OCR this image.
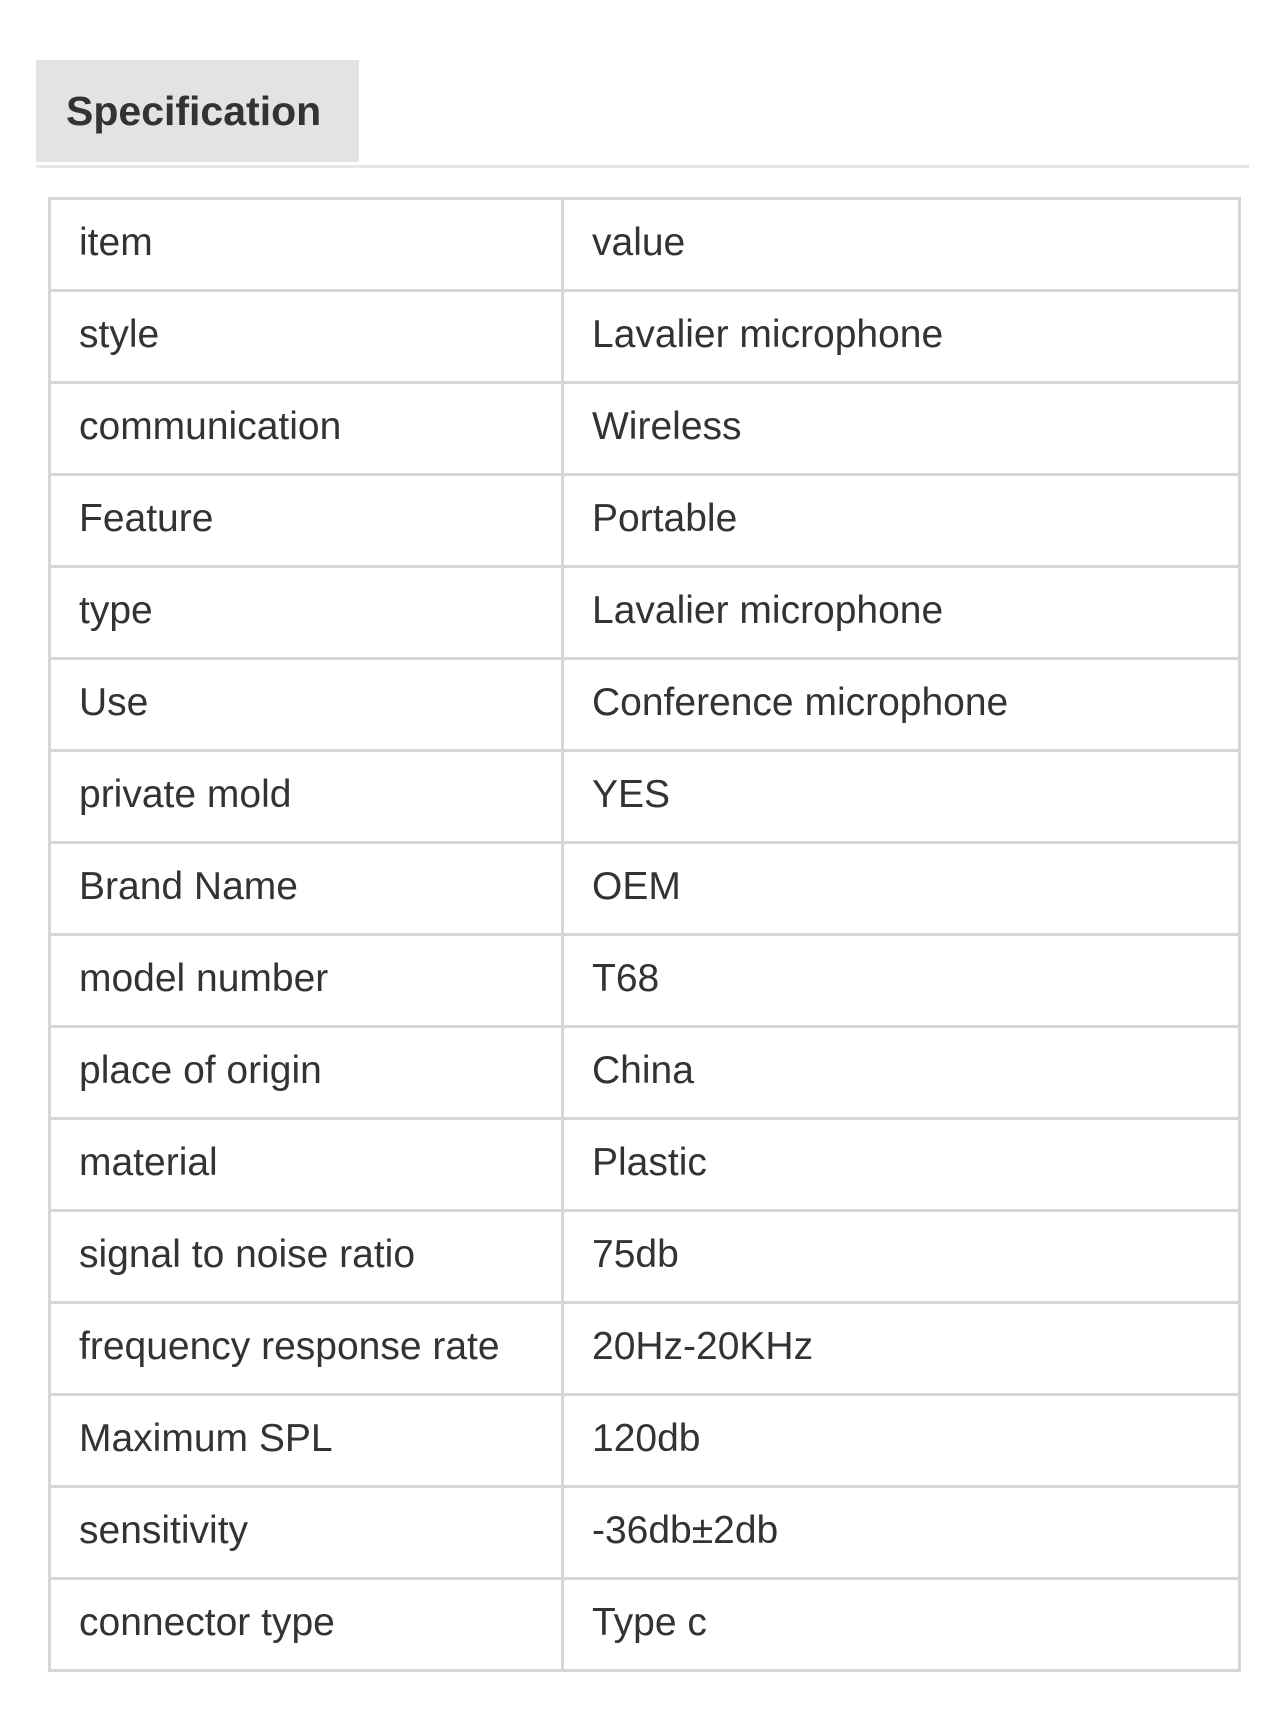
Specification
item	value
style	Lavalier microphone
communication	Wireless
Feature	Portable
type	Lavalier microphone
Use	Conference microphone
private mold	YES
Brand Name	OEM
model number	T68
place of origin	China
material	Plastic
signal to noise ratio	75db
frequency response rate	20Hz-20KHz
Maximum SPL	120db
sensitivity	-36db±2db
connector type	Type c
